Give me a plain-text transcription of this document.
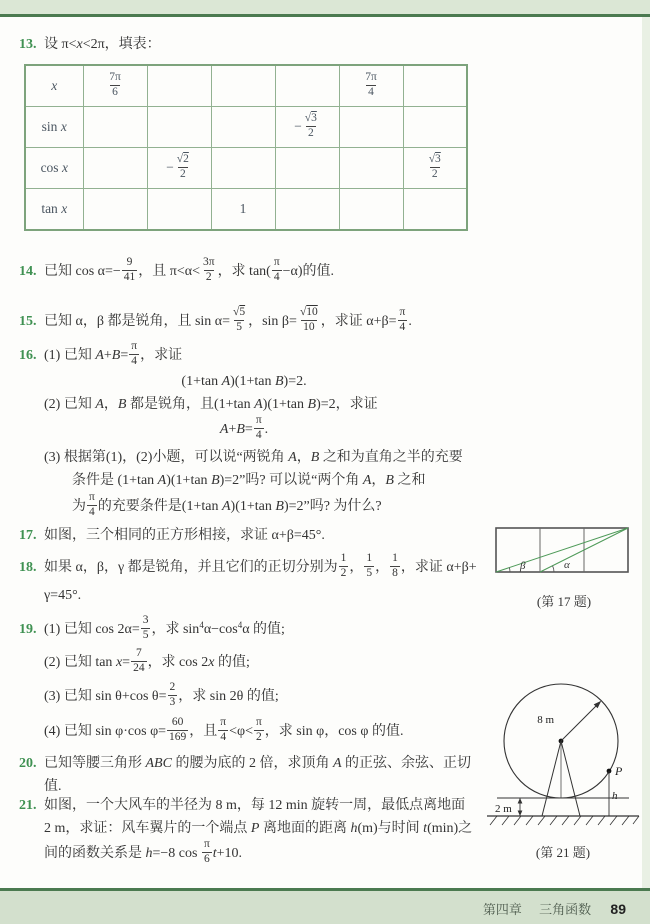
13. 设 π<x<2π，填表：
x	$\frac{7\pi}{6}$				$\frac{7\pi}{4}$

sin x				− $\frac{√3}{2}$

cos x		− $\frac{√2}{2}$				$\frac{√3}{2}$

tan x			1			
14. 已知 $\cos \alpha=- \frac{9}{41}$ ，且 $\pi<\alpha< \frac{3\pi}{2}$ ，求 $\tan( \frac{\pi}{4} -\alpha)$的值.
15. 已知 α，β 都是锐角，且 $\sin \alpha= \frac{√5}{5}$ ，$\sin \beta= \frac{√10}{10}$ ，求证 $\alpha+\beta= \frac{\pi}{4}$ .
16. (1) 已知 $A+B= \frac{\pi}{4}$ ，求证
(1+tan A)(1+tan B)=2.
(2) 已知 A，B 都是锐角，且(1+tan A)(1+tan B)=2，求证
$A+B= \frac{\pi}{4}$ .
(3) 根据第(1)，(2)小题，可以说“两锐角 A，B 之和为直角之半的充要
条件是 (1+tan A)(1+tan B)=2”吗? 可以说“两个角 A，B 之和
为 $\frac{\pi}{4}$ 的充要条件是(1+tan A)(1+tan B)=2”吗? 为什么?
17. 如图，三个相同的正方形相接，求证 α+β=45°.
18. 如果 α，β，γ 都是锐角，并且它们的正切分别为 $\frac{1}{2}$ ， $\frac{1}{5}$ ， $\frac{1}{8}$ ，求证 α+β+
γ=45°.
19. (1) 已知 $\cos 2\alpha= \frac{3}{5}$ ，求 $\sin^4\alpha-\cos^4\alpha$ 的值;
(2) 已知 $\tan x= \frac{7}{24}$ ，求 cos 2x 的值;
(3) 已知 sin θ+cos $\theta= \frac{2}{3}$ ，求 sin 2θ 的值;
(4) 已知 sin φ·cos $\varphi= \frac{60}{169}$ ，且 $\frac{\pi}{4} <\varphi< \frac{\pi}{2}$ ，求 sin φ，cos φ 的值.
20. 已知等腰三角形 ABC 的腰为底的 2 倍，求顶角 A 的正弦、余弦、正切
值.
21. 如图，一个大风车的半径为 8 m，每 12 min 旋转一周，最低点离地面
2 m，求证：风车翼片的一个端点 P 离地面的距离 h(m)与时间 t(min)之
间的函数关系是 h=−8 $\cos \frac{\pi}{6} t+10$.
β	α
(第 17 题)
8 m
2 m
P
h
(第 21 题)
第四章 三角函数 89
